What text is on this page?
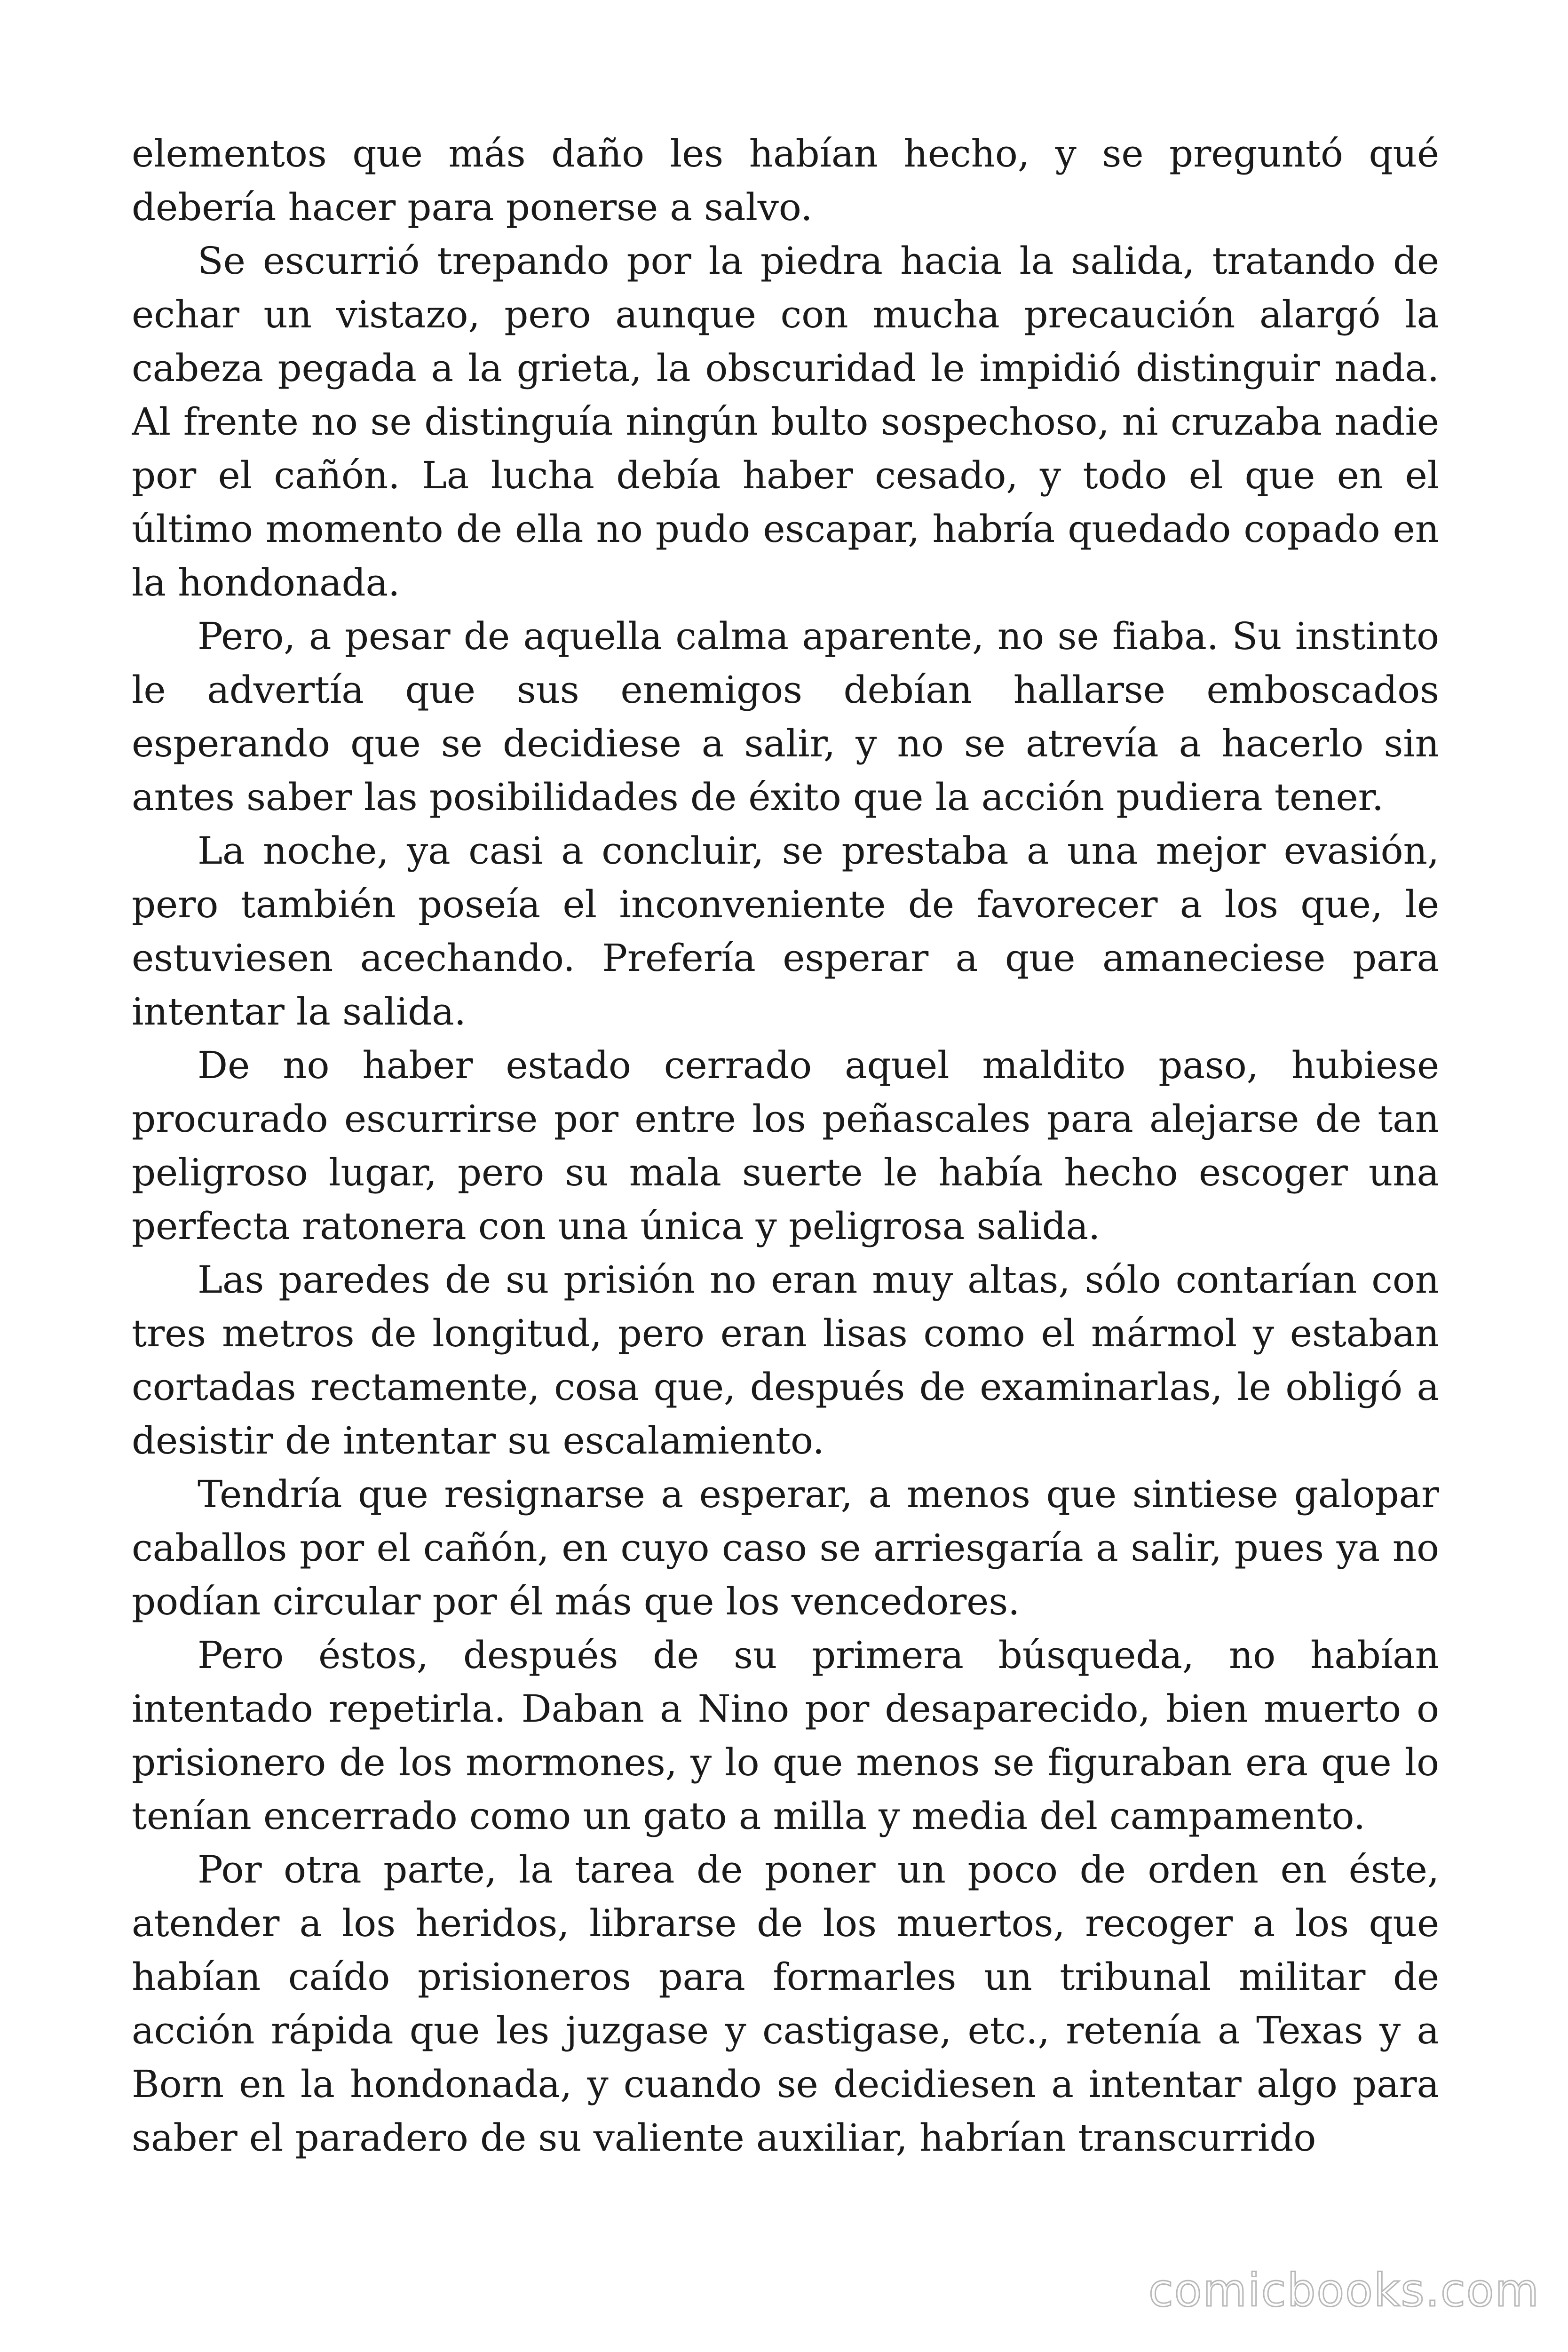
elementos que más daño les habían hecho, y se preguntó qué debería hacer para ponerse a salvo.

Se escurrió trepando por la piedra hacia la salida, tratando de echar un vistazo, pero aunque con mucha precaución alargó la cabeza pegada a la grieta, la obscuridad le impidió distinguir nada. Al frente no se distinguía ningún bulto sospechoso, ni cruzaba nadie por el cañón. La lucha debía haber cesado, y todo el que en el último momento de ella no pudo escapar, habría quedado copado en la hondonada.

Pero, a pesar de aquella calma aparente, no se fiaba. Su instinto le advertía que sus enemigos debían hallarse emboscados esperando que se decidiese a salir, y no se atrevía a hacerlo sin antes saber las posibilidades de éxito que la acción pudiera tener.

La noche, ya casi a concluir, se prestaba a una mejor evasión, pero también poseía el inconveniente de favorecer a los que, le estuviesen acechando. Prefería esperar a que amaneciese para intentar la salida.

De no haber estado cerrado aquel maldito paso, hubiese procurado escurrirse por entre los peñascales para alejarse de tan peligroso lugar, pero su mala suerte le había hecho escoger una perfecta ratonera con una única y peligrosa salida.

Las paredes de su prisión no eran muy altas, sólo contarían con tres metros de longitud, pero eran lisas como el mármol y estaban cortadas rectamente, cosa que, después de examinarlas, le obligó a desistir de intentar su escalamiento.

Tendría que resignarse a esperar, a menos que sintiese galopar caballos por el cañón, en cuyo caso se arriesgaría a salir, pues ya no podían circular por él más que los vencedores.

Pero éstos, después de su primera búsqueda, no habían intentado repetirla. Daban a Nino por desaparecido, bien muerto o prisionero de los mormones, y lo que menos se figuraban era que lo tenían encerrado como un gato a milla y media del campamento.

Por otra parte, la tarea de poner un poco de orden en éste, atender a los heridos, librarse de los muertos, recoger a los que habían caído prisioneros para formarles un tribunal militar de acción rápida que les juzgase y castigase, etc., retenía a Texas y a Born en la hondonada, y cuando se decidiesen a intentar algo para saber el paradero de su valiente auxiliar, habrían transcurrido

comicbooks.com
